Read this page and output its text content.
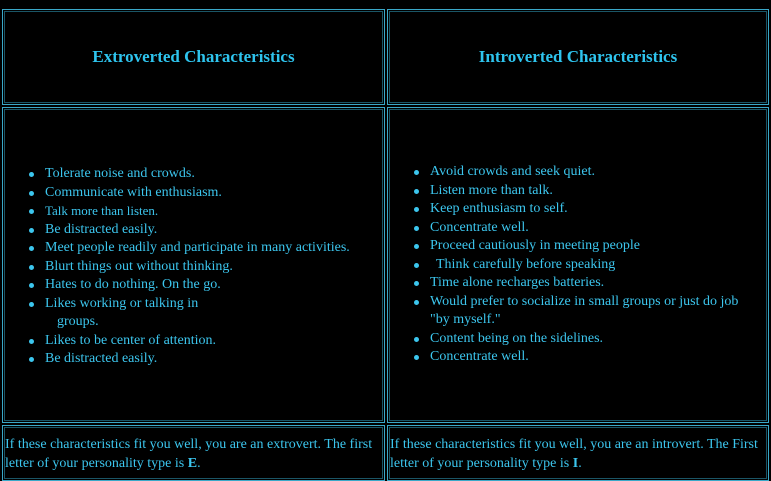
Extroverted Characteristics	Introverted Characteristics
Tolerate noise and crowds.
Communicate with enthusiasm.
Talk more than listen.
Be distracted easily.
Meet people readily and participate in many activities.
Blurt things out without thinking.
Hates to do nothing. On the go.
Likes working or talking in
groups.
Likes to be center of attention.
Be distracted easily.
Avoid crowds and seek quiet.
Listen more than talk.
Keep enthusiasm to self.
Concentrate well.
Proceed cautiously in meeting people
Think carefully before speaking
Time alone recharges batteries.
Would prefer to socialize in small groups or just do job "by myself."
Content being on the sidelines.
Concentrate well.
If these characteristics fit you well, you are an extrovert. The first letter of your personality type is E.
If these characteristics fit you well, you are an introvert. The First letter of your personality type is I.
